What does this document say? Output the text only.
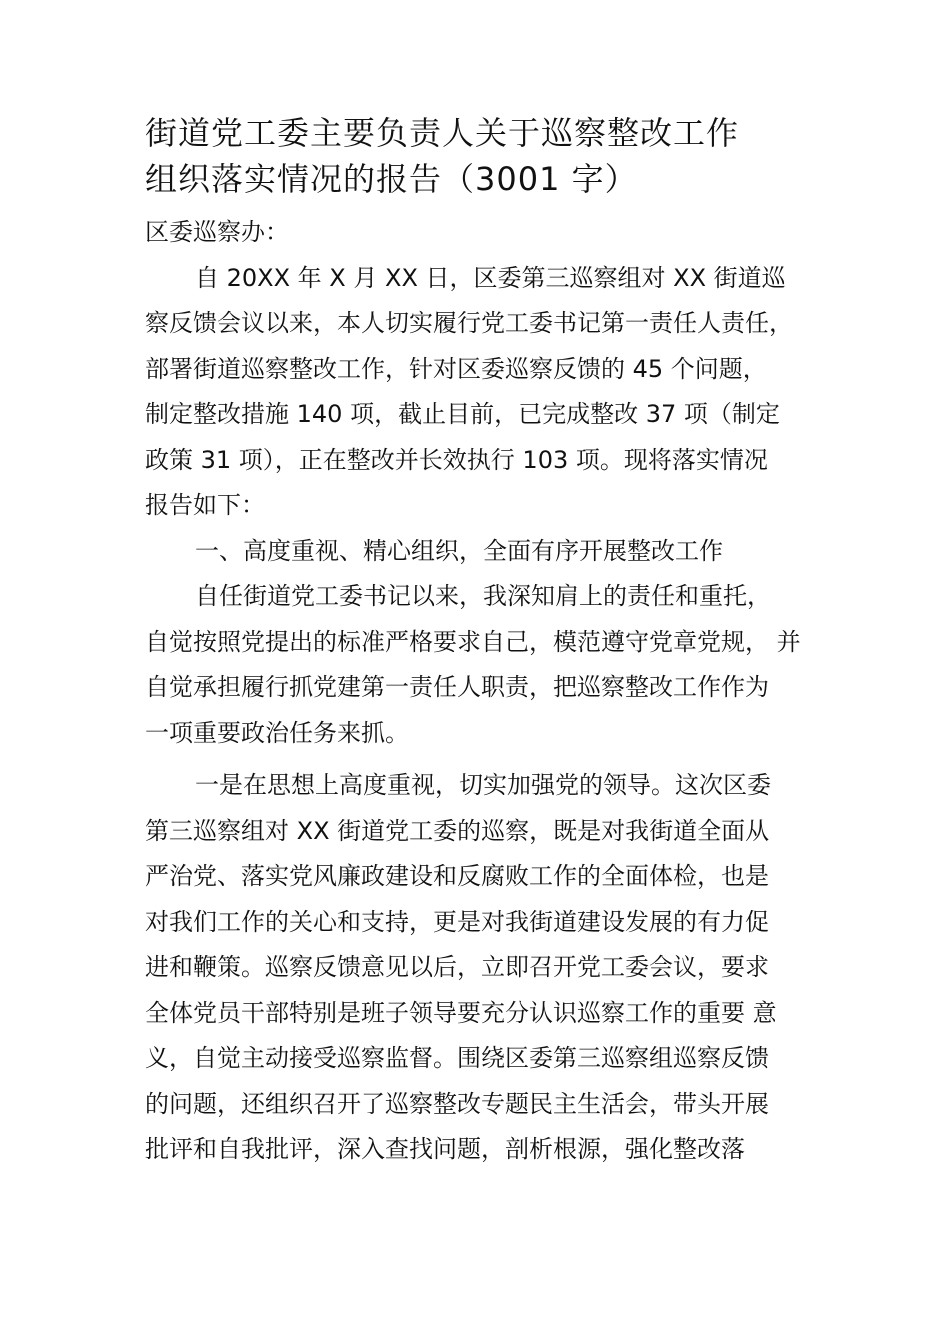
街道党工委主要负责人关于巡察整改工作
组织落实情况的报告（3001 字）
区委巡察办：
自 20XX 年 X 月 XX 日，区委第三巡察组对 XX 街道巡
察反馈会议以来，本人切实履行党工委书记第一责任人责任，
部署街道巡察整改工作，针对区委巡察反馈的 45 个问题，
制定整改措施 140 项，截止目前，已完成整改 37 项（制定
政策 31 项），正在整改并长效执行 103 项。现将落实情况
报告如下：
一、高度重视、精心组织，全面有序开展整改工作
自任街道党工委书记以来，我深知肩上的责任和重托，
自觉按照党提出的标准严格要求自己，模范遵守党章党规， 并
自觉承担履行抓党建第一责任人职责，把巡察整改工作作为
一项重要政治任务来抓。
一是在思想上高度重视，切实加强党的领导。这次区委
第三巡察组对 XX 街道党工委的巡察，既是对我街道全面从
严治党、落实党风廉政建设和反腐败工作的全面体检，也是
对我们工作的关心和支持，更是对我街道建设发展的有力促
进和鞭策。巡察反馈意见以后，立即召开党工委会议，要求
全体党员干部特别是班子领导要充分认识巡察工作的重要 意
义，自觉主动接受巡察监督。围绕区委第三巡察组巡察反馈
的问题，还组织召开了巡察整改专题民主生活会，带头开展
批评和自我批评，深入查找问题，剖析根源，强化整改落
